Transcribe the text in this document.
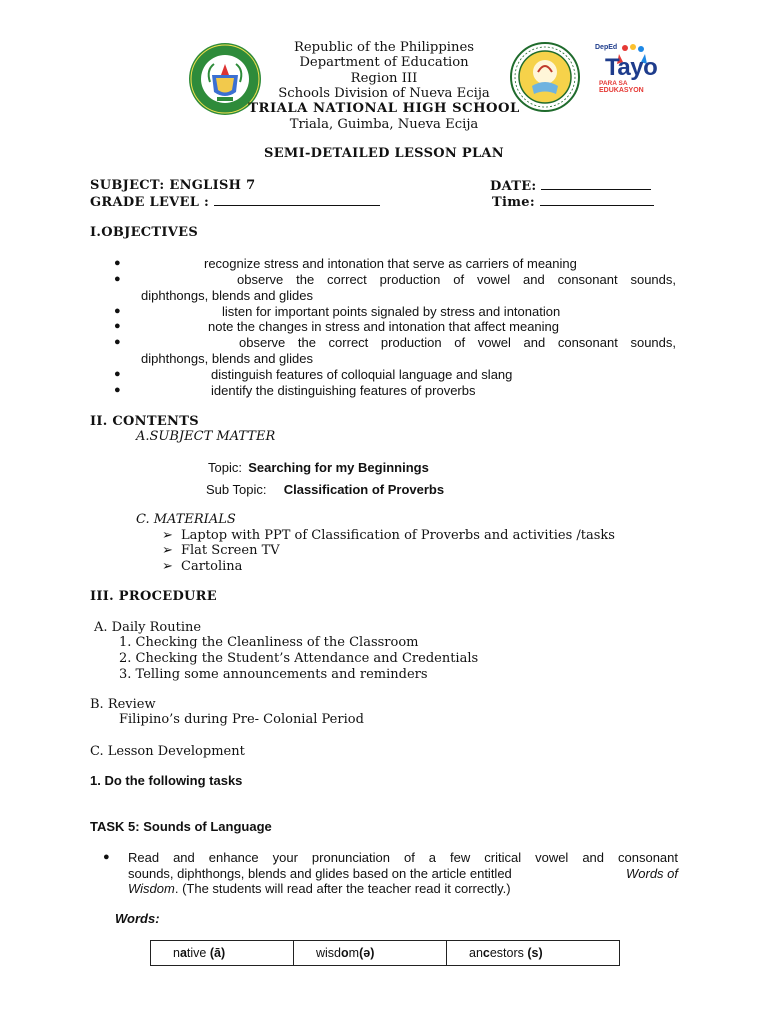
DepEd
Tayo
PARA SA
EDUKASYON
Republic of the Philippines
Department of Education
Region III
Schools Division of Nueva Ecija
TRIALA NATIONAL HIGH SCHOOL
Triala, Guimba, Nueva Ecija
SEMI-DETAILED LESSON PLAN
SUBJECT: ENGLISH 7	DATE:
GRADE LEVEL :	Time:
I.OBJECTIVES
●	recognize stress and intonation that serve as carriers of meaning
●	observe the correct production of vowel and consonant sounds,
diphthongs, blends and glides
●	listen for important points signaled by stress and intonation
●	note the changes in stress and intonation that affect meaning
●	observe the correct production of vowel and consonant sounds,
diphthongs, blends and glides
●	distinguish features of colloquial language and slang
●	identify the distinguishing features of proverbs
II. CONTENTS
A.SUBJECT MATTER
Topic: Searching for my Beginnings
Sub Topic: Classification of Proverbs
C. MATERIALS
➢ Laptop with PPT of Classification of Proverbs and activities /tasks
➢ Flat Screen TV
➢ Cartolina
III. PROCEDURE
A. Daily Routine
1. Checking the Cleanliness of the Classroom
2. Checking the Student’s Attendance and Credentials
3. Telling some announcements and reminders
B. Review
Filipino’s during Pre- Colonial Period
C. Lesson Development
1. Do the following tasks
TASK 5: Sounds of Language
● Read and enhance your pronunciation of a few critical vowel and consonant
sounds, diphthongs, blends and glides based on the article entitled	Words of
Wisdom. (The students will read after the teacher read it correctly.)
Words:
native (ā)	wisdom(ə)	ancestors (s)
